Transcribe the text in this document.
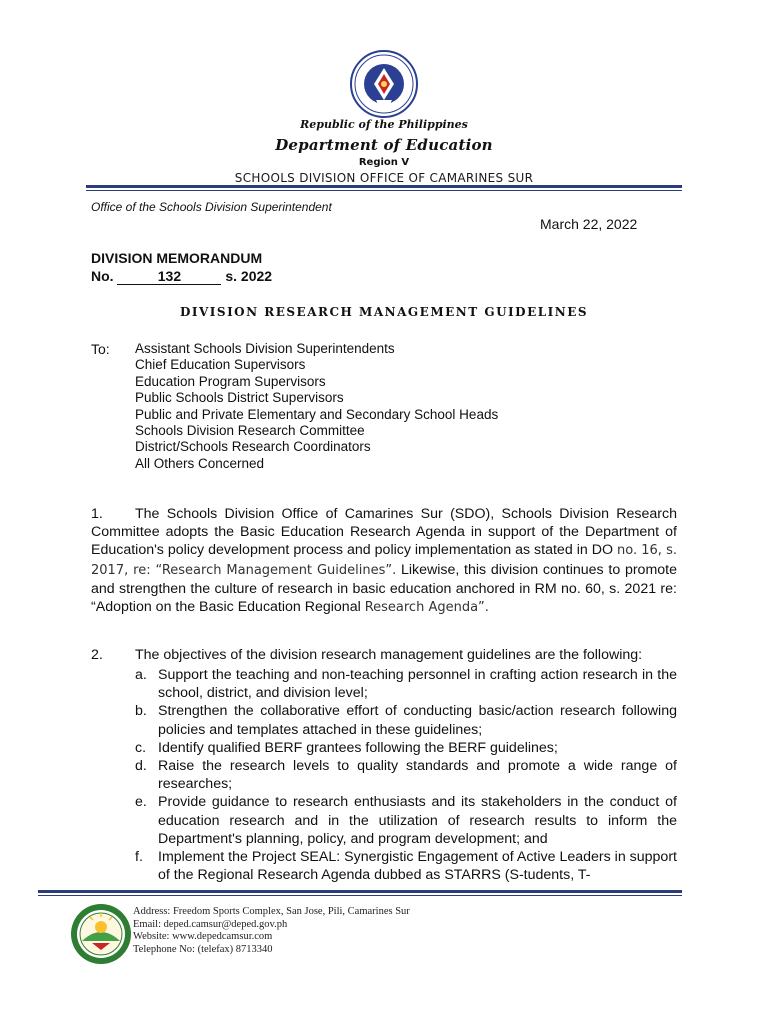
Republic of the Philippines
Department of Education
Region V
SCHOOLS DIVISION OFFICE OF CAMARINES SUR
Office of the Schools Division Superintendent
March 22, 2022
DIVISION MEMORANDUM
No.	132	s. 2022
DIVISION RESEARCH MANAGEMENT GUIDELINES
To: Assistant Schools Division Superintendents
Chief Education Supervisors
Education Program Supervisors
Public Schools District Supervisors
Public and Private Elementary and Secondary School Heads
Schools Division Research Committee
District/Schools Research Coordinators
All Others Concerned
1. The Schools Division Office of Camarines Sur (SDO), Schools Division Research Committee adopts the Basic Education Research Agenda in support of the Department of Education's policy development process and policy implementation as stated in DO no. 16, s. 2017, re: “Research Management Guidelines”. Likewise, this division continues to promote and strengthen the culture of research in basic education anchored in RM no. 60, s. 2021 re: “Adoption on the Basic Education Regional Research Agenda”.
2. The objectives of the division research management guidelines are the following:
a. Support the teaching and non-teaching personnel in crafting action research in the school, district, and division level;
b. Strengthen the collaborative effort of conducting basic/action research following policies and templates attached in these guidelines;
c. Identify qualified BERF grantees following the BERF guidelines;
d. Raise the research levels to quality standards and promote a wide range of researches;
e. Provide guidance to research enthusiasts and its stakeholders in the conduct of education research and in the utilization of research results to inform the Department's planning, policy, and program development; and
f. Implement the Project SEAL: Synergistic Engagement of Active Leaders in support of the Regional Research Agenda dubbed as STARRS (S-tudents, T-
Address: Freedom Sports Complex, San Jose, Pili, Camarines Sur
Email: deped.camsur@deped.gov.ph
Website: www.depedcamsur.com
Telephone No: (telefax) 8713340
